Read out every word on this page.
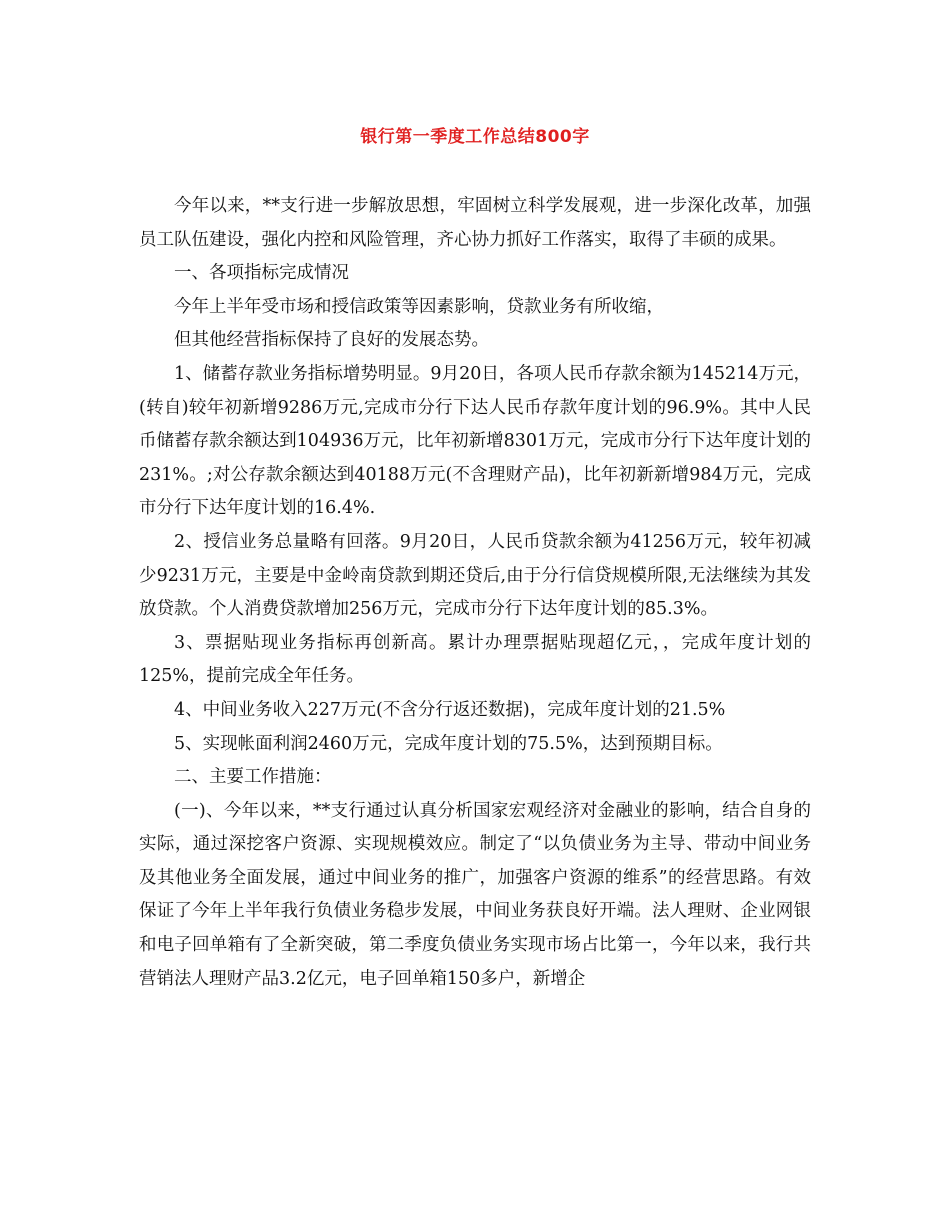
银行第一季度工作总结800字

今年以来，**支行进一步解放思想，牢固树立科学发展观，进一步深化改革，加强员工队伍建设，强化内控和风险管理，齐心协力抓好工作落实，取得了丰硕的成果。

一、各项指标完成情况

今年上半年受市场和授信政策等因素影响，贷款业务有所收缩，

但其他经营指标保持了良好的发展态势。

1、储蓄存款业务指标增势明显。9月20日，各项人民币存款余额为145214万元，(转自)较年初新增9286万元,完成市分行下达人民币存款年度计划的96.9%。其中人民币储蓄存款余额达到104936万元，比年初新增8301万元，完成市分行下达年度计划的231%。;对公存款余额达到40188万元(不含理财产品)，比年初新新增984万元，完成市分行下达年度计划的16.4%.

2、授信业务总量略有回落。9月20日，人民币贷款余额为41256万元，较年初减少9231万元，主要是中金岭南贷款到期还贷后,由于分行信贷规模所限,无法继续为其发放贷款。个人消费贷款增加256万元，完成市分行下达年度计划的85.3%。

3、票据贴现业务指标再创新高。累计办理票据贴现超亿元，，完成年度计划的125%，提前完成全年任务。

4、中间业务收入227万元(不含分行返还数据)，完成年度计划的21.5%

5、实现帐面利润2460万元，完成年度计划的75.5%，达到预期目标。

二、主要工作措施：

(一)、今年以来，**支行通过认真分析国家宏观经济对金融业的影响，结合自身的实际，通过深挖客户资源、实现规模效应。制定了“以负债业务为主导、带动中间业务及其他业务全面发展，通过中间业务的推广，加强客户资源的维系”的经营思路。有效保证了今年上半年我行负债业务稳步发展，中间业务获良好开端。法人理财、企业网银和电子回单箱有了全新突破，第二季度负债业务实现市场占比第一，今年以来，我行共营销法人理财产品3.2亿元，电子回单箱150多户，新增企
